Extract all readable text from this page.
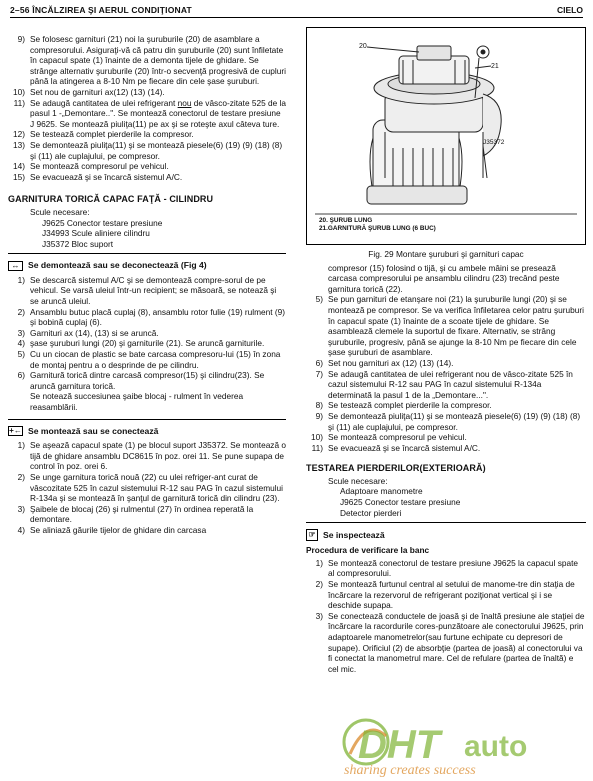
2–56 ÎNCĂLZIREA ŞI AERUL CONDIŢIONAT	CIELO
9) Se folosesc garnituri (21) noi la şuruburile (20) de asamblare a compresorului. Asiguraţi-vă că patru din şuruburile (20) sunt înfiletate în capacul spate (1) înainte de a demonta tijele de ghidare. Se strânge alternativ şuruburile (20) într-o secvenţă progresivă de cupluri până la atingerea a 8-10 Nm pe fiecare din cele şase şuruburi.
10) Set nou de garnituri ax(12) (13) (14).
11) Se adaugă cantitatea de ulei refrigerant nou de vâsco-zitate 525 de la pasul 1 -„Demontare..". Se montează conectorul de testare presiune J 9625. Se montează piuliţa(11) pe ax şi se roteşte axul câteva ture.
12) Se testează complet pierderile la compresor.
13) Se demontează piuliţa(11) şi se montează piesele(6) (19) (9) (18) (8) şi (11) ale cuplajului, pe compresor.
14) Se montează compresorul pe vehicul.
15) Se evacuează şi se încarcă sistemul A/C.
GARNITURA TORICĂ CAPAC FAŢĂ - CILINDRU
Scule necesare:
J9625 Conector testare presiune
J34993 Scule aliniere cilindru
J35372 Bloc suport
↔ Se demontează sau se deconectează (Fig 4)
1) Se descarcă sistemul A/C şi se demontează compre-sorul de pe vehicul. Se varsă uleiul într-un recipient; se măsoară, se notează şi se aruncă uleiul.
2) Ansamblu butuc placă cuplaj (8), ansamblu rotor fulie (19) rulment (9) şi bobină cuplaj (6).
3) Garnituri ax (14), (13) si se aruncă.
4) şase şuruburi lungi (20) şi garniturile (21). Se aruncă garniturile.
5) Cu un ciocan de plastic se bate carcasa compresoru-lui (15) în zona de montaj pentru a o desprinde de pe cilindru.
6) Garnitură torică dintre carcasă compresor(15) şi cilindru(23). Se aruncă garnitura torică.
Se notează succesiunea şaibe blocaj - rulment în vederea reasamblării.
+← Se montează sau se conectează
1) Se aşează capacul spate (1) pe blocul suport J35372. Se montează o tijă de ghidare ansamblu DC8615 în poz. orei 11. Se pune supapa de control în poz. orei 6.
2) Se unge garnitura torică nouă (22) cu ulei refriger-ant curat de vâscozitate 525 în cazul sistemului R-12 sau PAG în cazul sistemului R-134a şi se montează în şanţul de garnitură torică din cilindru (23).
3) Şaibele de blocaj (26) şi rulmentul (27) în ordinea reperată la demontare.
4) Se aliniază găurile tijelor de ghidare din carcasa
20
21
J35372
20. ŞURUB LUNG
21.GARNITURĂ ŞURUB LUNG (6 BUC)
Fig. 29 Montare şuruburi şi garnituri capac
compresor (15) folosind o tijă, şi cu ambele mâini se presează carcasa compresorului pe ansamblu cilindru (23) trecând peste garnitura torică (22).
5) Se pun garnituri de etanşare noi (21) la şuruburile lungi (20) şi se montează pe compresor. Se va verifica înfiletarea celor patru şuruburi în capacul spate (1) înainte de a scoate tijele de ghidare. Se asamblează clemele la suportul de fixare. Alternativ, se strâng şuruburile, progresiv, până se ajunge la 8-10 Nm pe fiecare din cele şase şuruburi de asamblare.
6) Set nou garnituri ax (12) (13) (14).
7) Se adaugă cantitatea de ulei refrigerant nou de vâsco-zitate 525 în cazul sistemului R-12 sau PAG în cazul sistemului R-134a determinată la pasul 1 de la „Demontare...".
8) Se testează complet pierderile la compresor.
9) Se demontează piuliţa(11) şi se montează piesele(6) (19) (9) (18) (8) şi (11) ale cuplajului, pe compresor.
10) Se montează compresorul pe vehicul.
11) Se evacuează şi se încarcă sistemul A/C.
TESTAREA PIERDERILOR(EXTERIOARĂ)
Scule necesare:
Adaptoare manometre
J9625 Conector testare presiune
Detector pierderi
☞ Se inspectează
Procedura de verificare la banc
1) Se montează conectorul de testare presiune J9625 la capacul spate al compresorului.
2) Se montează furtunul central al setului de manome-tre din staţia de încărcare la rezervorul de refrigerant poziţionat vertical şi i se deschide supapa.
3) Se conectează conductele de joasă şi de înaltă presiune ale staţiei de încărcare la racordurile cores-punzătoare ale conectorului J9625, prin adaptoarele manometrelor(sau furtune echipate cu depresori de supape). Orificiul (2) de absorbţie (partea de joasă) al conectorului va fi conectat la manometrul mare. Cel de refulare (partea de înaltă) e cel mic.
DHT auto
sharing creates success
